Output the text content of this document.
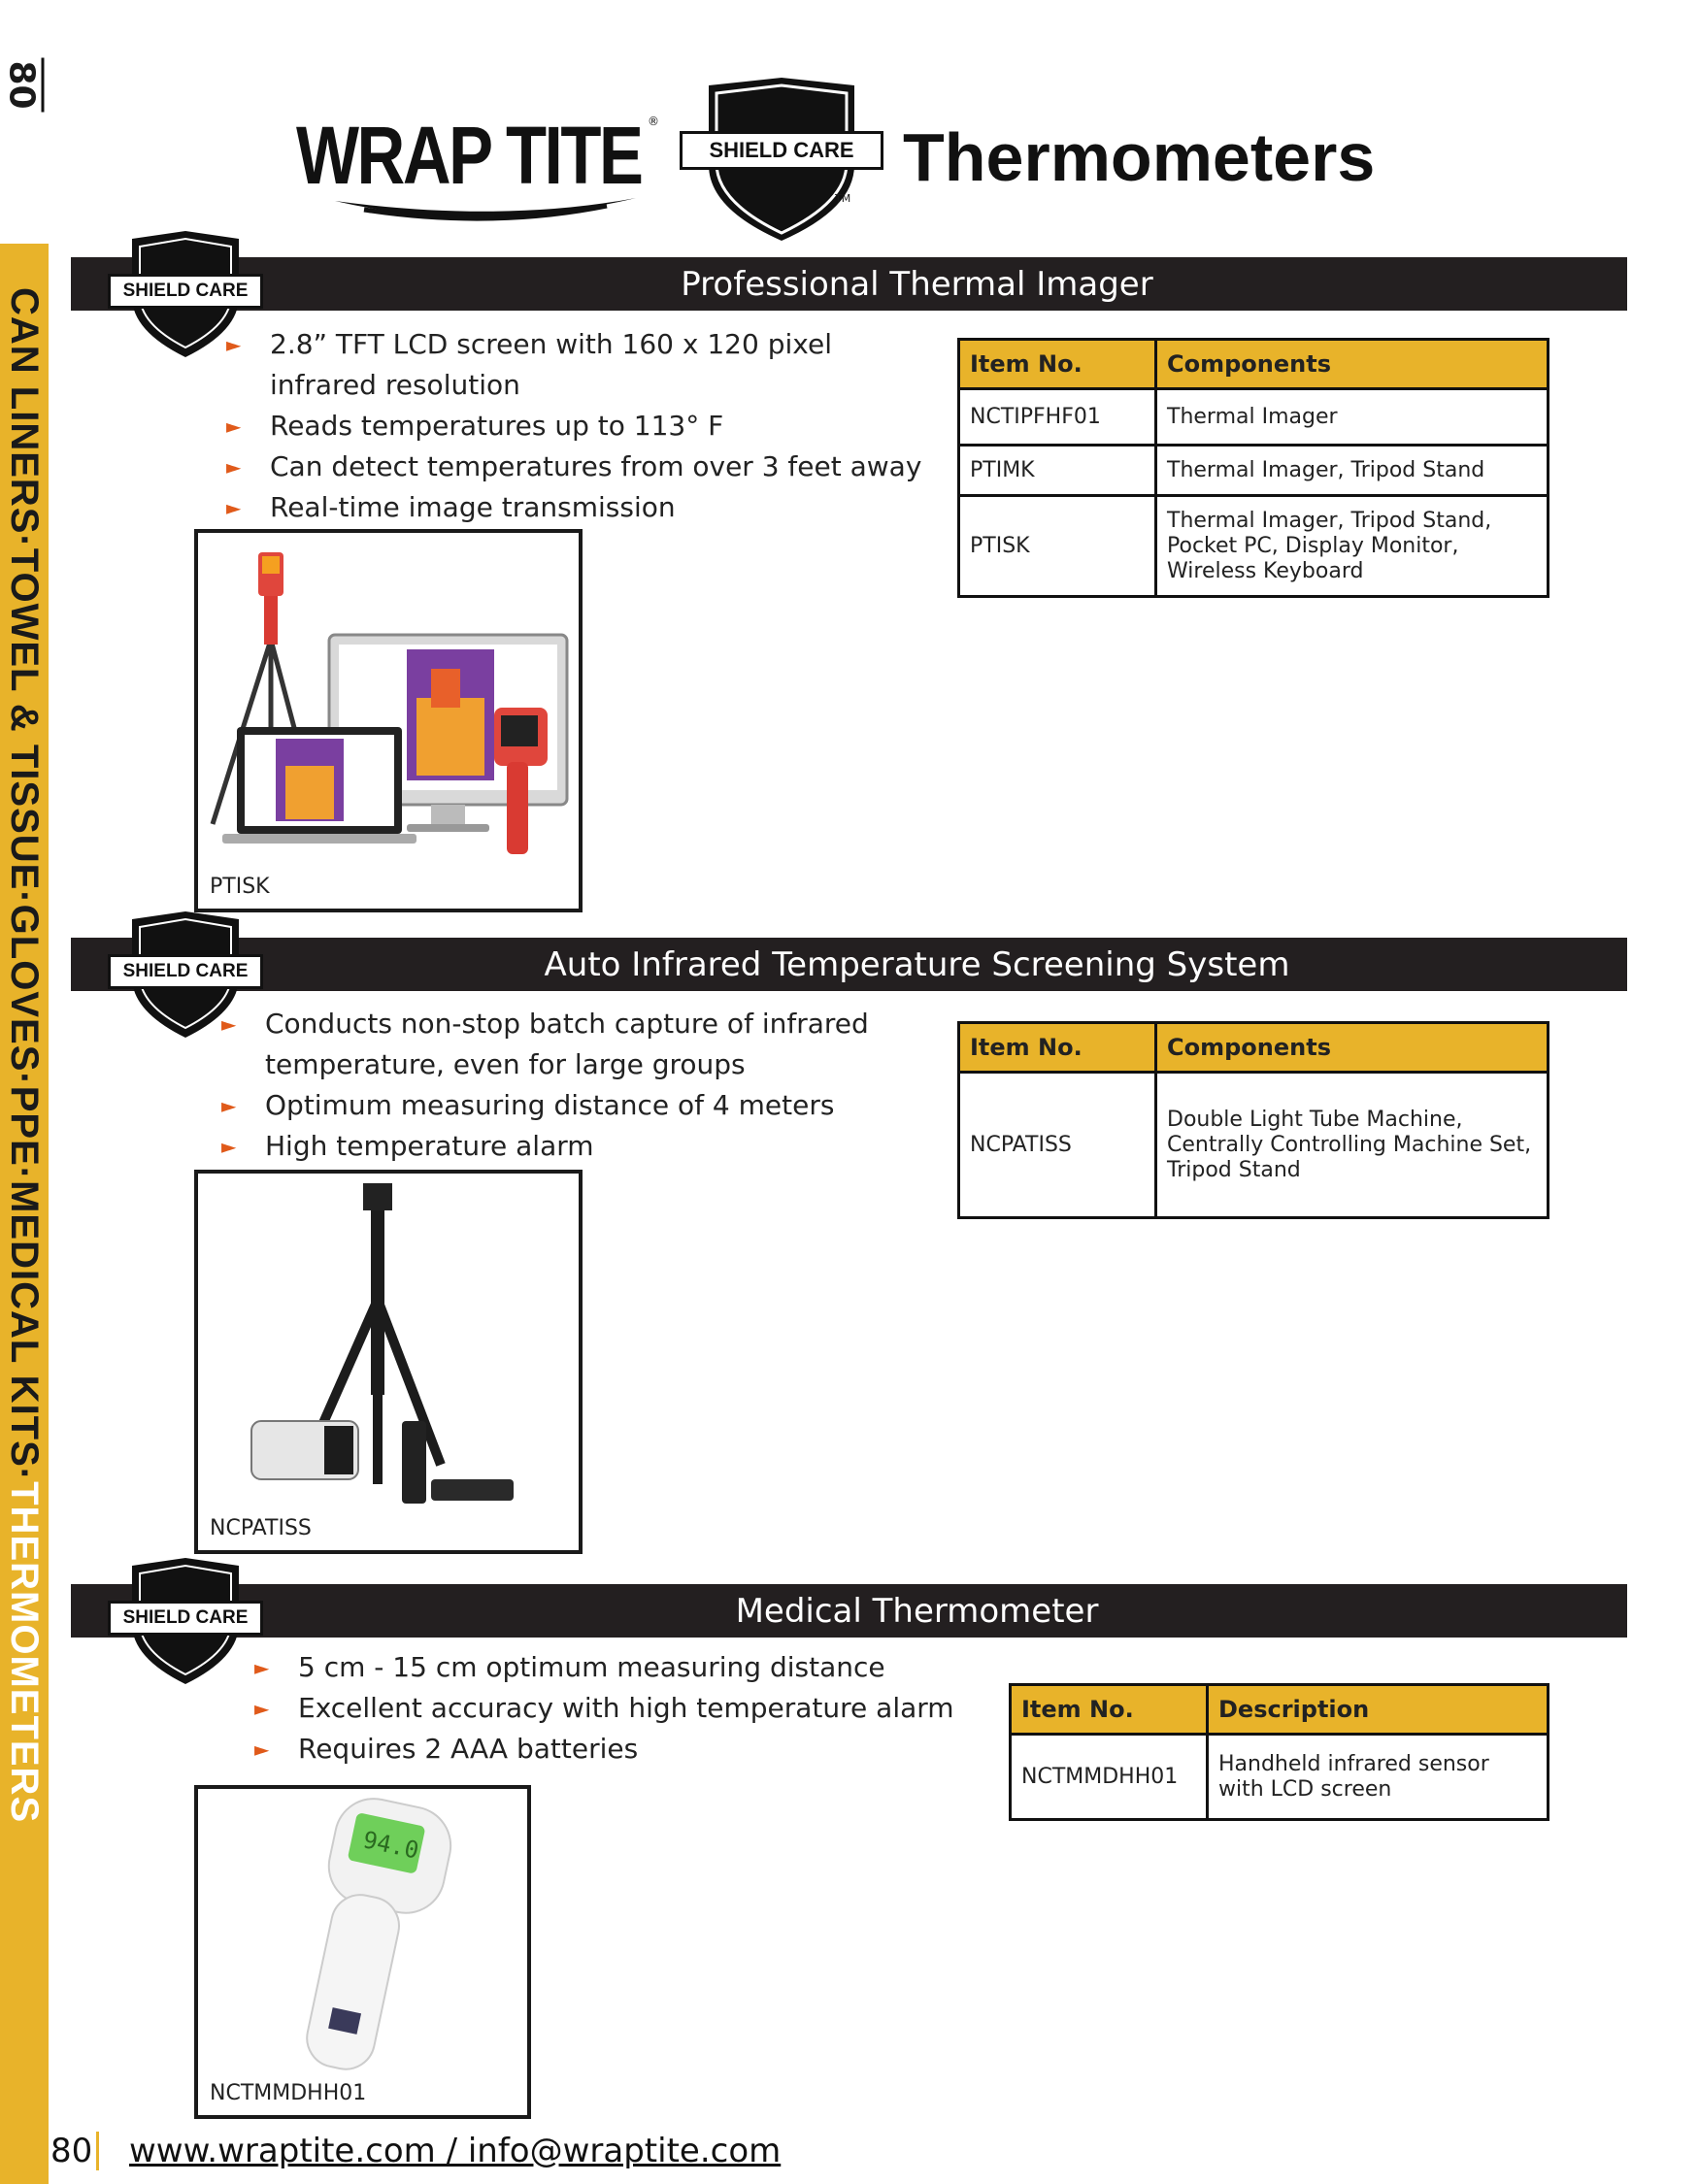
80
CAN LINERS
·
TOWEL & TISSUE
·
GLOVES
·
PPE
·
MEDICAL KITS
·
THERMOMETERS
WRAP TITE ®
SHIELD CARE
TM
Thermometers
Professional Thermal Imager
SHIELD CARE
► 2.8” TFT LCD screen with 160 x 120 pixel infrared resolution
► Reads temperatures up to 113° F
► Can detect temperatures from over 3 feet away
► Real-time image transmission
PTISK
Item No.	Components
NCTIPFHF01	Thermal Imager
PTIMK	Thermal Imager, Tripod Stand
PTISK	Thermal Imager, Tripod Stand, Pocket PC, Display Monitor, Wireless Keyboard
Auto Infrared Temperature Screening System
SHIELD CARE
► Conducts non-stop batch capture of infrared temperature, even for large groups
► Optimum measuring distance of 4 meters
► High temperature alarm
NCPATISS
Item No.	Components
NCPATISS	Double Light Tube Machine, Centrally Controlling Machine Set, Tripod Stand
Medical Thermometer
SHIELD CARE
► 5 cm - 15 cm optimum measuring distance
► Excellent accuracy with high temperature alarm
► Requires 2 AAA batteries
94.0
NCTMMDHH01
Item No.	Description
NCTMMDHH01	Handheld infrared sensor with LCD screen
80 www.wraptite.com / info@wraptite.com
